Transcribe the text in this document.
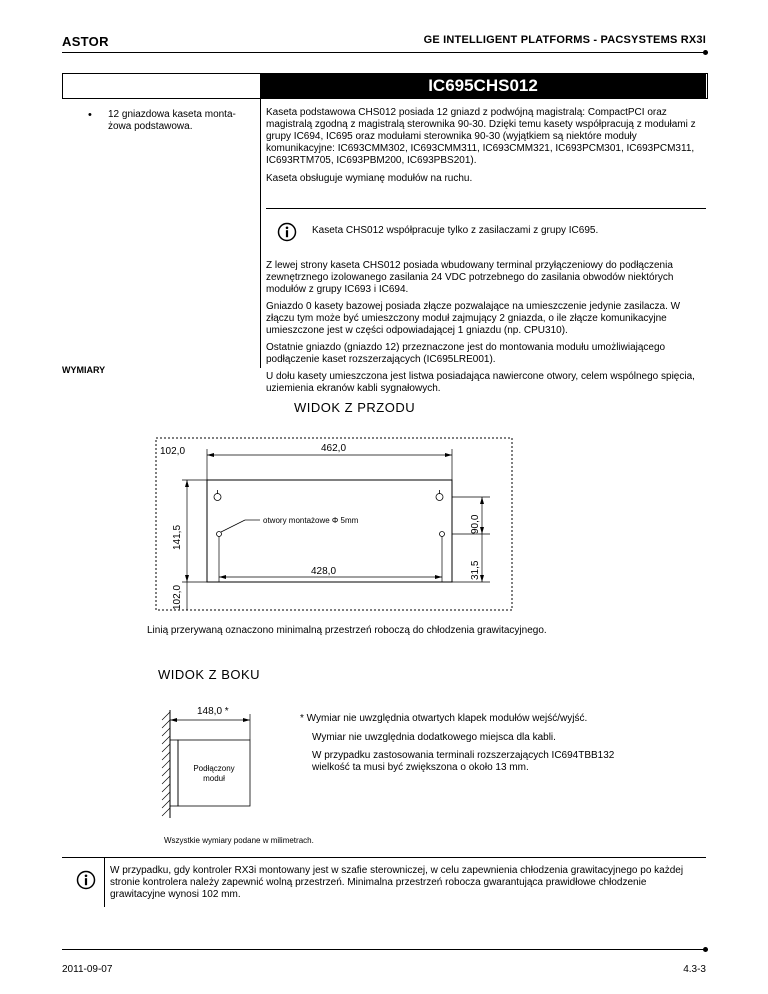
ASTOR	GE INTELLIGENT PLATFORMS - PACSYSTEMS RX3I
IC695CHS012
• 12 gniazdowa kaseta monta-
żowa podstawowa.

Kaseta podstawowa CHS012 posiada 12 gniazd z podwójną magistralą: CompactPCI oraz magistralą zgodną z magistralą sterownika 90-30. Dzięki temu kasety współpracują z modułami z grupy IC694, IC695 oraz modułami sterownika 90-30 (wyjątkiem są niektóre moduły komunikacyjne: IC693CMM302, IC693CMM311, IC693CMM321, IC693PCM301, IC693PCM311, IC693RTM705, IC693PBM200, IC693PBS201).

Kaseta obsługuje wymianę modułów na ruchu.

Kaseta CHS012 współpracuje tylko z zasilaczami z grupy IC695.

Z lewej strony kaseta CHS012 posiada wbudowany terminal przyłączeniowy do podłączenia zewnętrznego izolowanego zasilania 24 VDC potrzebnego do zasilania obwodów niektórych modułów z grupy IC693 i IC694.

Gniazdo 0 kasety bazowej posiada złącze pozwalające na umieszczenie jedynie zasilacza. W złączu tym może być umieszczony moduł zajmujący 2 gniazda, o ile złącze komunikacyjne umieszczone jest w części odpowiadającej 1 gniazdu (np. CPU310).

Ostatnie gniazdo (gniazdo 12) przeznaczone jest do montowania modułu umożliwiającego podłączenie kaset rozszerzających (IC695LRE001).

U dołu kasety umieszczona jest listwa posiadająca nawiercone otwory, celem wspólnego spięcia, uziemienia ekranów kabli sygnałowych.

WYMIARY
WIDOK Z PRZODU
102,0	462,0
141,5
102,0
90,0
31,5
428,0
otwory montażowe Φ 5mm
Linią przerywaną oznaczono minimalną przestrzeń roboczą do chłodzenia grawitacyjnego.
WIDOK Z BOKU
148,0 *
Podłączony
moduł
* Wymiar nie uwzględnia otwartych klapek modułów wejść/wyjść.
Wymiar nie uwzględnia dodatkowego miejsca dla kabli.
W przypadku zastosowania terminali rozszerzających IC694TBB132 wielkość ta musi być zwiększona o około 13 mm.
Wszystkie wymiary podane w milimetrach.
W przypadku, gdy kontroler RX3i montowany jest w szafie sterowniczej, w celu zapewnienia chłodzenia grawitacyjnego po każdej stronie kontrolera należy zapewnić wolną przestrzeń. Minimalna przestrzeń robocza gwarantująca prawidłowe chłodzenie grawitacyjne wynosi 102 mm.
2011-09-07	4.3-3
